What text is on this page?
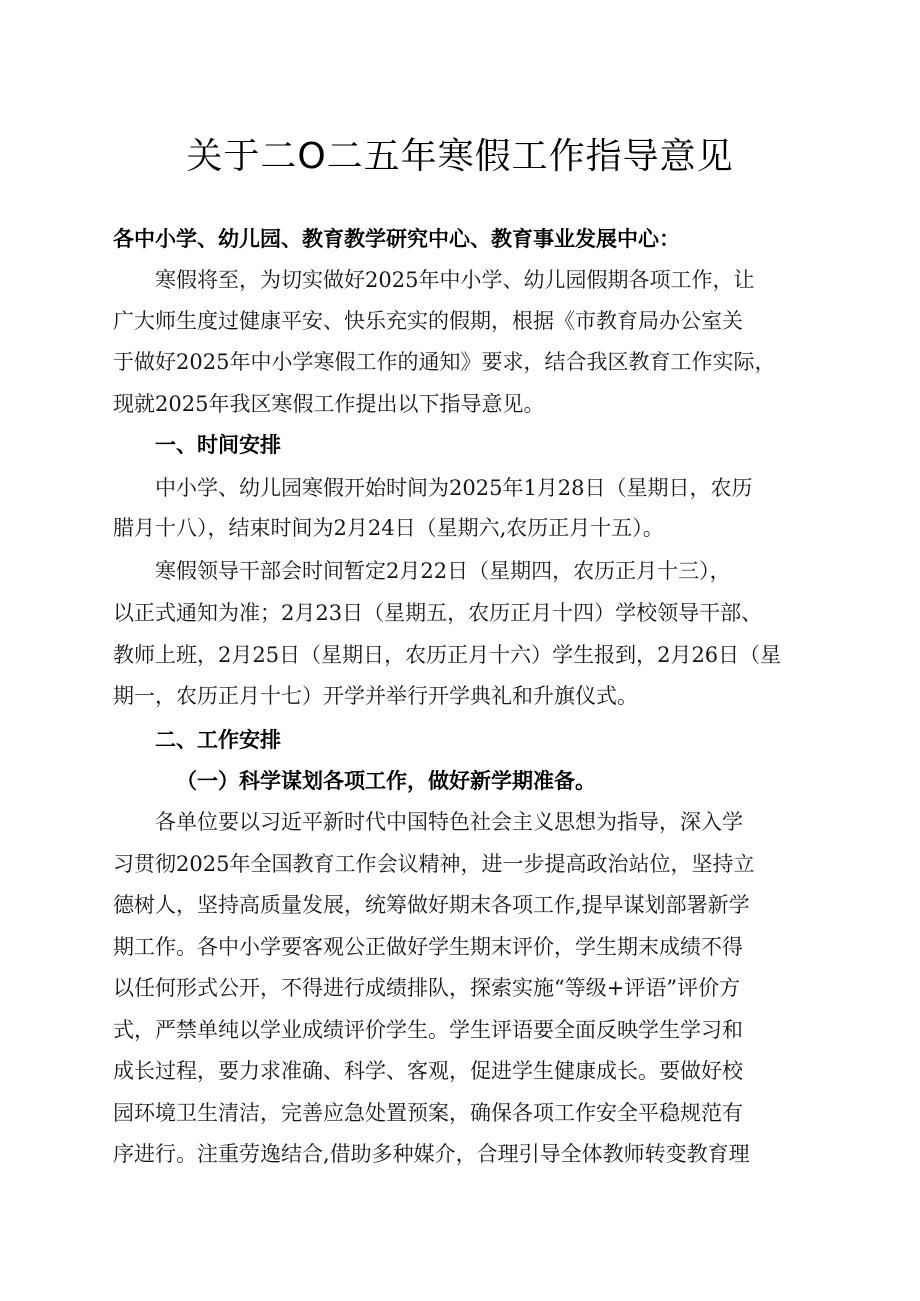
关于二O二五年寒假工作指导意见
各中小学、幼儿园、教育教学研究中心、教育事业发展中心：
寒假将至，为切实做好2025年中小学、幼儿园假期各项工作，让
广大师生度过健康平安、快乐充实的假期，根据《市教育局办公室关
于做好2025年中小学寒假工作的通知》要求，结合我区教育工作实际，
现就2025年我区寒假工作提出以下指导意见。
一、时间安排
中小学、幼儿园寒假开始时间为2025年1月28日（星期日，农历
腊月十八），结束时间为2月24日（星期六,农历正月十五）。
寒假领导干部会时间暂定2月22日（星期四，农历正月十三），
以正式通知为准；2月23日（星期五，农历正月十四）学校领导干部、
教师上班，2月25日（星期日，农历正月十六）学生报到，2月26日（星
期一，农历正月十七）开学并举行开学典礼和升旗仪式。
二、工作安排
（一）科学谋划各项工作，做好新学期准备。
各单位要以习近平新时代中国特色社会主义思想为指导，深入学
习贯彻2025年全国教育工作会议精神，进一步提高政治站位，坚持立
德树人，坚持高质量发展，统筹做好期末各项工作,提早谋划部署新学
期工作。各中小学要客观公正做好学生期末评价，学生期末成绩不得
以任何形式公开，不得进行成绩排队，探索实施“等级+评语”评价方
式，严禁单纯以学业成绩评价学生。学生评语要全面反映学生学习和
成长过程，要力求准确、科学、客观，促进学生健康成长。要做好校
园环境卫生清洁，完善应急处置预案，确保各项工作安全平稳规范有
序进行。注重劳逸结合,借助多种媒介，合理引导全体教师转变教育理
